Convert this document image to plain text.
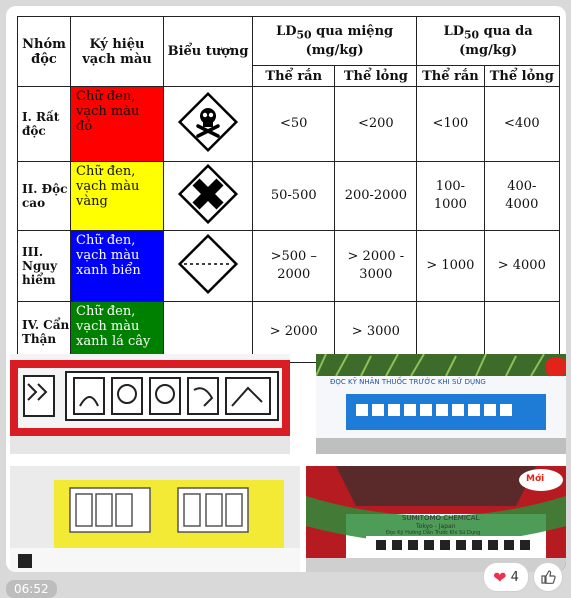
Nhóm độc	Ký hiệu vạch màu	Biểu tượng	$LD_{50}$ qua miệng (mg/kg)		$LD_{50}$ qua da (mg/kg)	
			Thể rắn	Thể lỏng	Thể rắn	Thể lỏng
I. Rất độc	Chữ đen, vạch màu đỏ		<50	<200	<100	<400
II. Độc cao	Chữ đen, vạch màu vàng		50-500	200-2000	100-1000	400-4000
III. Nguy hiểm	Chữ đen, vạch màu xanh biển		>500 – 2000	> 2000 - 3000	> 1000	> 4000
IV. Cẩn Thận	Chữ đen, vạch màu xanh lá cây		> 2000	> 3000		
ĐỌC KỸ NHÃN THUỐC TRƯỚC KHI SỬ DỤNG
Mới
SUMITOMO CHEMICAL
Tokyo - Japan
Đọc Kỹ Hướng Dẫn Trước Khi Sử Dụng
06:52
❤ 4
